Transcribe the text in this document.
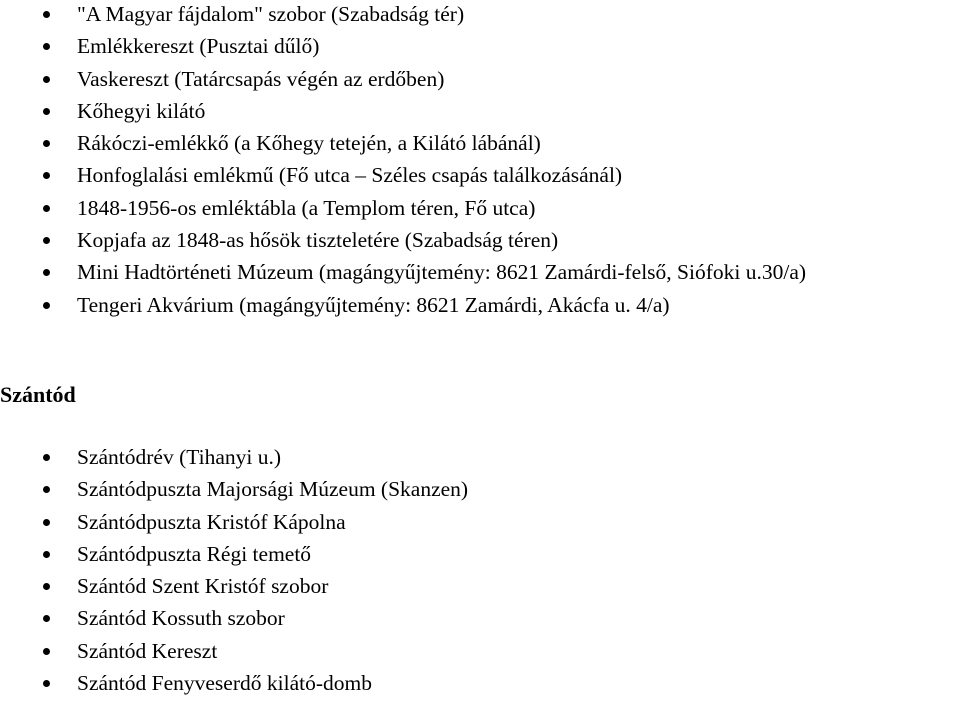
"A Magyar fájdalom" szobor (Szabadság tér)
Emlékkereszt (Pusztai dűlő)
Vaskereszt (Tatárcsapás végén az erdőben)
Kőhegyi kilátó
Rákóczi-emlékkő (a Kőhegy tetején, a Kilátó lábánál)
Honfoglalási emlékmű (Fő utca – Széles csapás találkozásánál)
1848-1956-os emléktábla (a Templom téren, Fő utca)
Kopjafa az 1848-as hősök tiszteletére (Szabadság téren)
Mini Hadtörténeti Múzeum (magángyűjtemény: 8621 Zamárdi-felső, Siófoki u.30/a)
Tengeri Akvárium (magángyűjtemény: 8621 Zamárdi, Akácfa u. 4/a)
Szántód
Szántódrév (Tihanyi u.)
Szántódpuszta Majorsági Múzeum (Skanzen)
Szántódpuszta Kristóf Kápolna
Szántódpuszta Régi temető
Szántód Szent Kristóf szobor
Szántód Kossuth szobor
Szántód Kereszt
Szántód Fenyveserdő kilátó-domb
